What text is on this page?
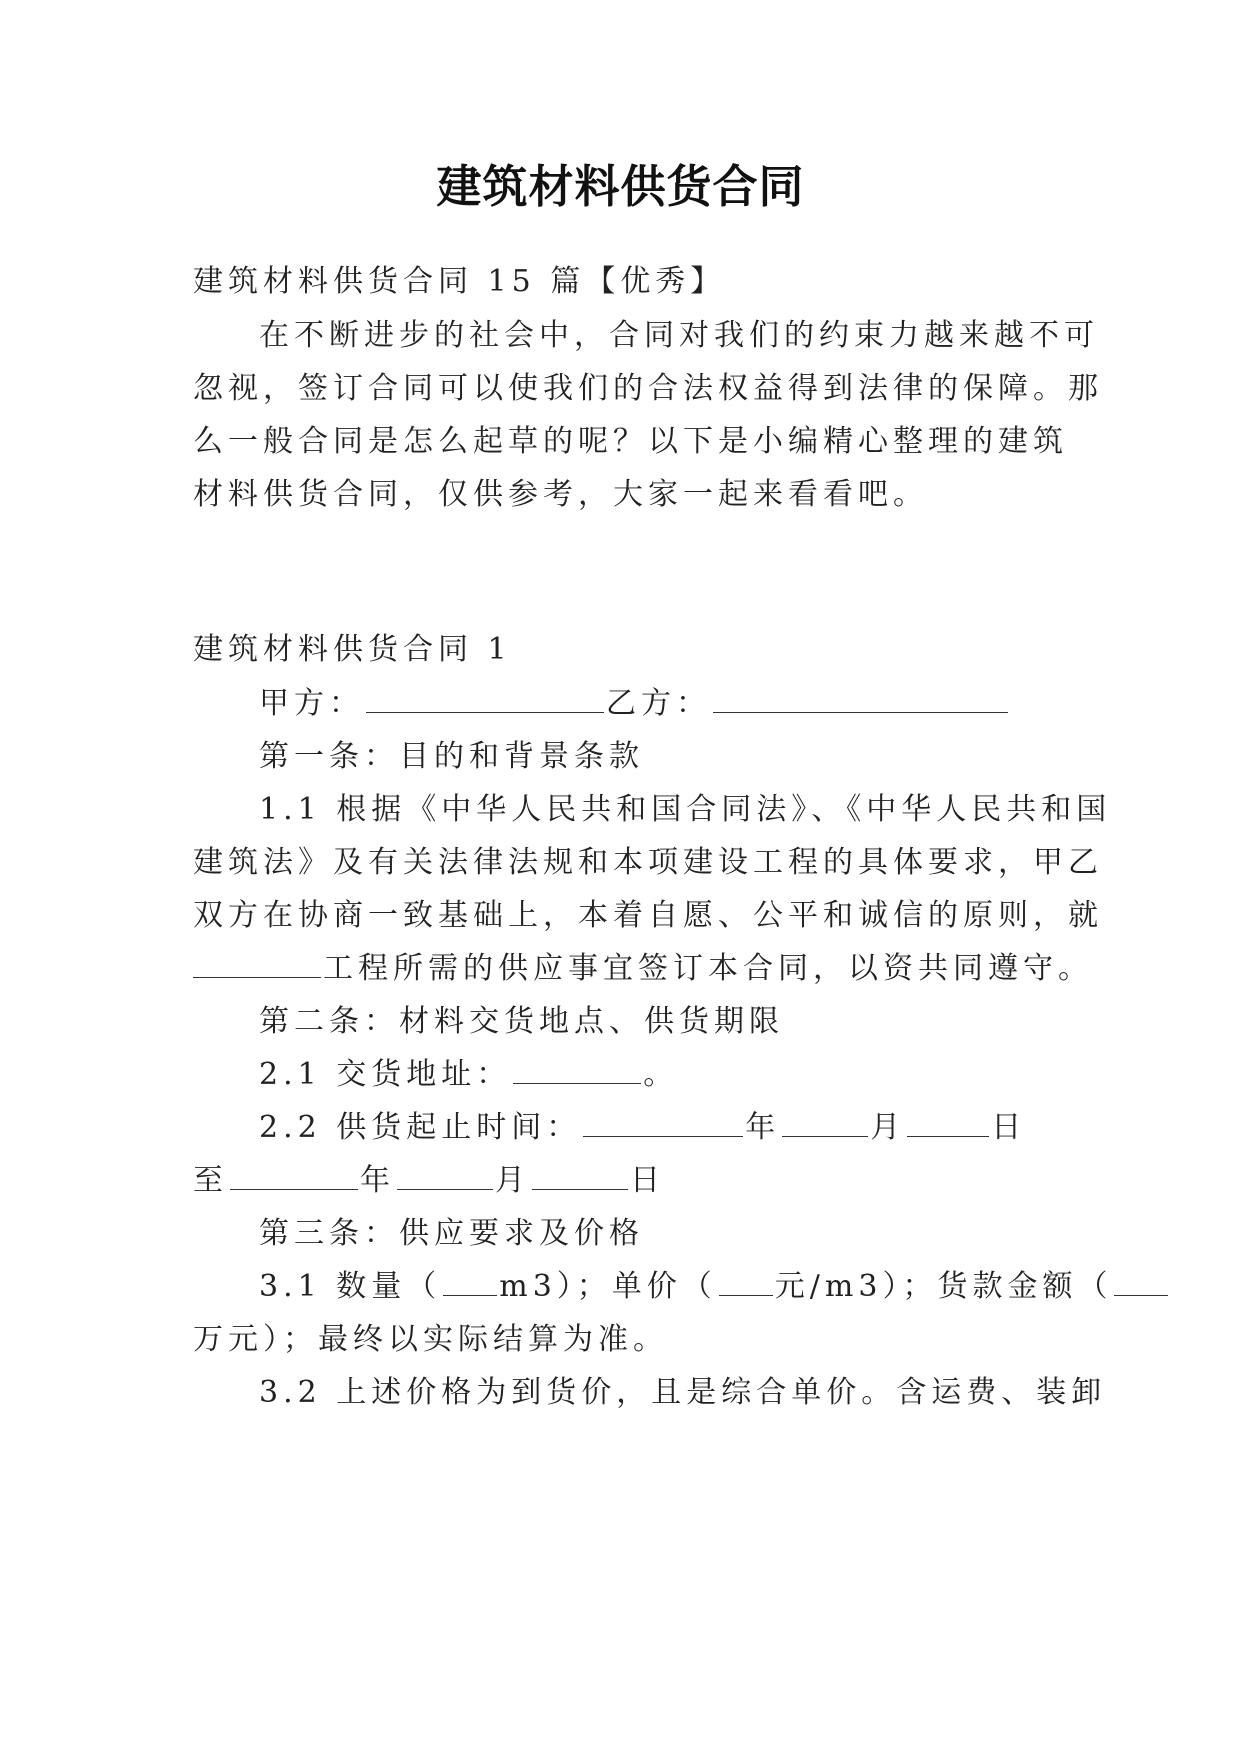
建筑材料供货合同
建筑材料供货合同 15 篇【优秀】
在不断进步的社会中，合同对我们的约束力越来越不可
忽视，签订合同可以使我们的合法权益得到法律的保障。那
么一般合同是怎么起草的呢？以下是小编精心整理的建筑
材料供货合同，仅供参考，大家一起来看看吧。
建筑材料供货合同 1
甲方：	乙方：
第一条：目的和背景条款
1.1 根据《中华人民共和国合同法》、《中华人民共和国
建筑法》及有关法律法规和本项建设工程的具体要求，甲乙
双方在协商一致基础上，本着自愿、公平和诚信的原则，就
工程所需的供应事宜签订本合同，以资共同遵守。
第二条：材料交货地点、供货期限
2.1 交货地址：	。
2.2 供货起止时间：	年	月	日
至	年	月	日
第三条：供应要求及价格
3.1 数量（ m3）；单价（ 元/m3）；货款金额（
万元）；最终以实际结算为准。
3.2 上述价格为到货价，且是综合单价。含运费、装卸
